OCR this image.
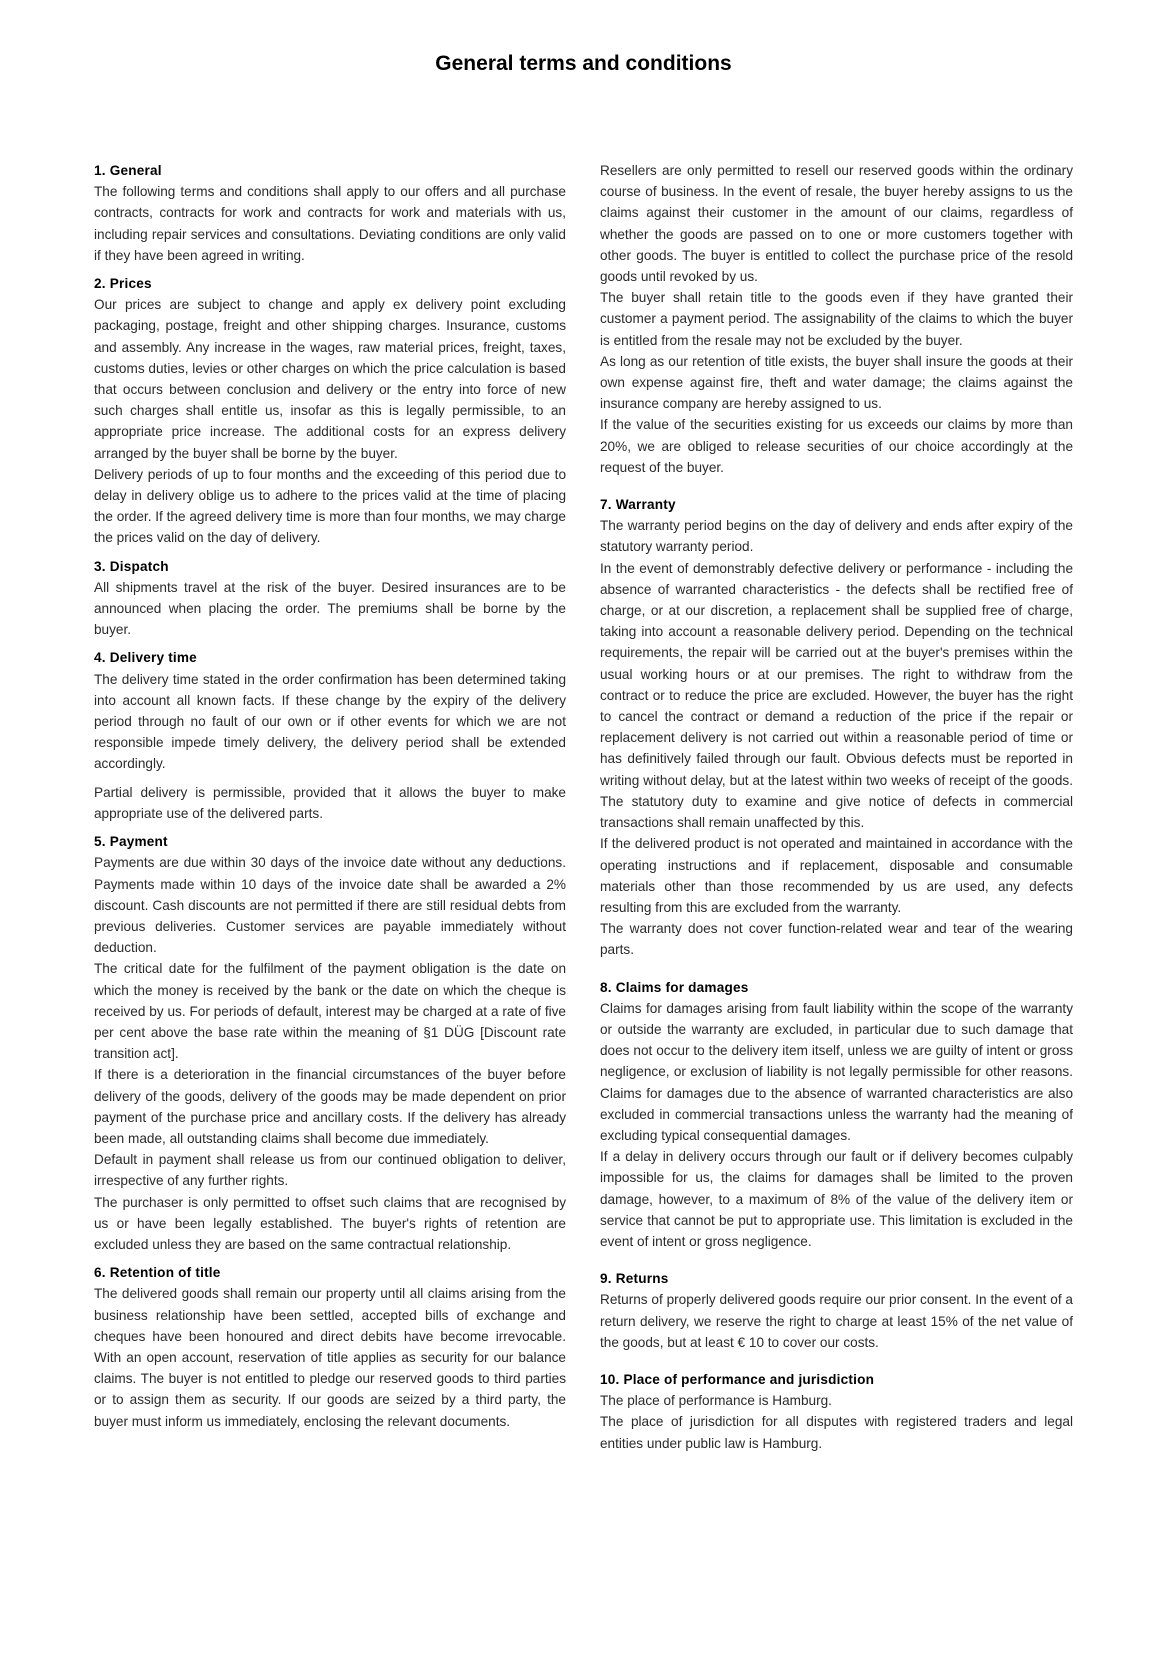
General terms and conditions
1. General

The following terms and conditions shall apply to our offers and all purchase contracts, contracts for work and contracts for work and materials with us, including repair services and consultations. Deviating conditions are only valid if they have been agreed in writing.

2. Prices

Our prices are subject to change and apply ex delivery point excluding packaging, postage, freight and other shipping charges. Insurance, customs and assembly. Any increase in the wages, raw material prices, freight, taxes, customs duties, levies or other charges on which the price calculation is based that occurs between conclusion and delivery or the entry into force of new such charges shall entitle us, insofar as this is legally permissible, to an appropriate price increase. The additional costs for an express delivery arranged by the buyer shall be borne by the buyer.

Delivery periods of up to four months and the exceeding of this period due to delay in delivery oblige us to adhere to the prices valid at the time of placing the order. If the agreed delivery time is more than four months, we may charge the prices valid on the day of delivery.

3. Dispatch

All shipments travel at the risk of the buyer. Desired insurances are to be announced when placing the order. The premiums shall be borne by the buyer.

4. Delivery time

The delivery time stated in the order confirmation has been determined taking into account all known facts. If these change by the expiry of the delivery period through no fault of our own or if other events for which we are not responsible impede timely delivery, the delivery period shall be extended accordingly.

Partial delivery is permissible, provided that it allows the buyer to make appropriate use of the delivered parts.

5. Payment

Payments are due within 30 days of the invoice date without any deductions. Payments made within 10 days of the invoice date shall be awarded a 2% discount. Cash discounts are not permitted if there are still residual debts from previous deliveries. Customer services are payable immediately without deduction.

The critical date for the fulfilment of the payment obligation is the date on which the money is received by the bank or the date on which the cheque is received by us. For periods of default, interest may be charged at a rate of five per cent above the base rate within the meaning of §1 DÜG [Discount rate transition act].

If there is a deterioration in the financial circumstances of the buyer before delivery of the goods, delivery of the goods may be made dependent on prior payment of the purchase price and ancillary costs. If the delivery has already been made, all outstanding claims shall become due immediately.

Default in payment shall release us from our continued obligation to deliver, irrespective of any further rights.

The purchaser is only permitted to offset such claims that are recognised by us or have been legally established. The buyer's rights of retention are excluded unless they are based on the same contractual relationship.

6. Retention of title

The delivered goods shall remain our property until all claims arising from the business relationship have been settled, accepted bills of exchange and cheques have been honoured and direct debits have become irrevocable. With an open account, reservation of title applies as security for our balance claims. The buyer is not entitled to pledge our reserved goods to third parties or to assign them as security. If our goods are seized by a third party, the buyer must inform us immediately, enclosing the relevant documents.

Resellers are only permitted to resell our reserved goods within the ordinary course of business. In the event of resale, the buyer hereby assigns to us the claims against their customer in the amount of our claims, regardless of whether the goods are passed on to one or more customers together with other goods. The buyer is entitled to collect the purchase price of the resold goods until revoked by us.

The buyer shall retain title to the goods even if they have granted their customer a payment period. The assignability of the claims to which the buyer is entitled from the resale may not be excluded by the buyer.

As long as our retention of title exists, the buyer shall insure the goods at their own expense against fire, theft and water damage; the claims against the insurance company are hereby assigned to us.

If the value of the securities existing for us exceeds our claims by more than 20%, we are obliged to release securities of our choice accordingly at the request of the buyer.

7. Warranty

The warranty period begins on the day of delivery and ends after expiry of the statutory warranty period.

In the event of demonstrably defective delivery or performance - including the absence of warranted characteristics - the defects shall be rectified free of charge, or at our discretion, a replacement shall be supplied free of charge, taking into account a reasonable delivery period. Depending on the technical requirements, the repair will be carried out at the buyer's premises within the usual working hours or at our premises. The right to withdraw from the contract or to reduce the price are excluded. However, the buyer has the right to cancel the contract or demand a reduction of the price if the repair or replacement delivery is not carried out within a reasonable period of time or has definitively failed through our fault. Obvious defects must be reported in writing without delay, but at the latest within two weeks of receipt of the goods. The statutory duty to examine and give notice of defects in commercial transactions shall remain unaffected by this.

If the delivered product is not operated and maintained in accordance with the operating instructions and if replacement, disposable and consumable materials other than those recommended by us are used, any defects resulting from this are excluded from the warranty.

The warranty does not cover function-related wear and tear of the wearing parts.

8. Claims for damages

Claims for damages arising from fault liability within the scope of the warranty or outside the warranty are excluded, in particular due to such damage that does not occur to the delivery item itself, unless we are guilty of intent or gross negligence, or exclusion of liability is not legally permissible for other reasons. Claims for damages due to the absence of warranted characteristics are also excluded in commercial transactions unless the warranty had the meaning of excluding typical consequential damages.

If a delay in delivery occurs through our fault or if delivery becomes culpably impossible for us, the claims for damages shall be limited to the proven damage, however, to a maximum of 8% of the value of the delivery item or service that cannot be put to appropriate use. This limitation is excluded in the event of intent or gross negligence.

9. Returns

Returns of properly delivered goods require our prior consent. In the event of a return delivery, we reserve the right to charge at least 15% of the net value of the goods, but at least € 10 to cover our costs.

10. Place of performance and jurisdiction

The place of performance is Hamburg.

The place of jurisdiction for all disputes with registered traders and legal entities under public law is Hamburg.
